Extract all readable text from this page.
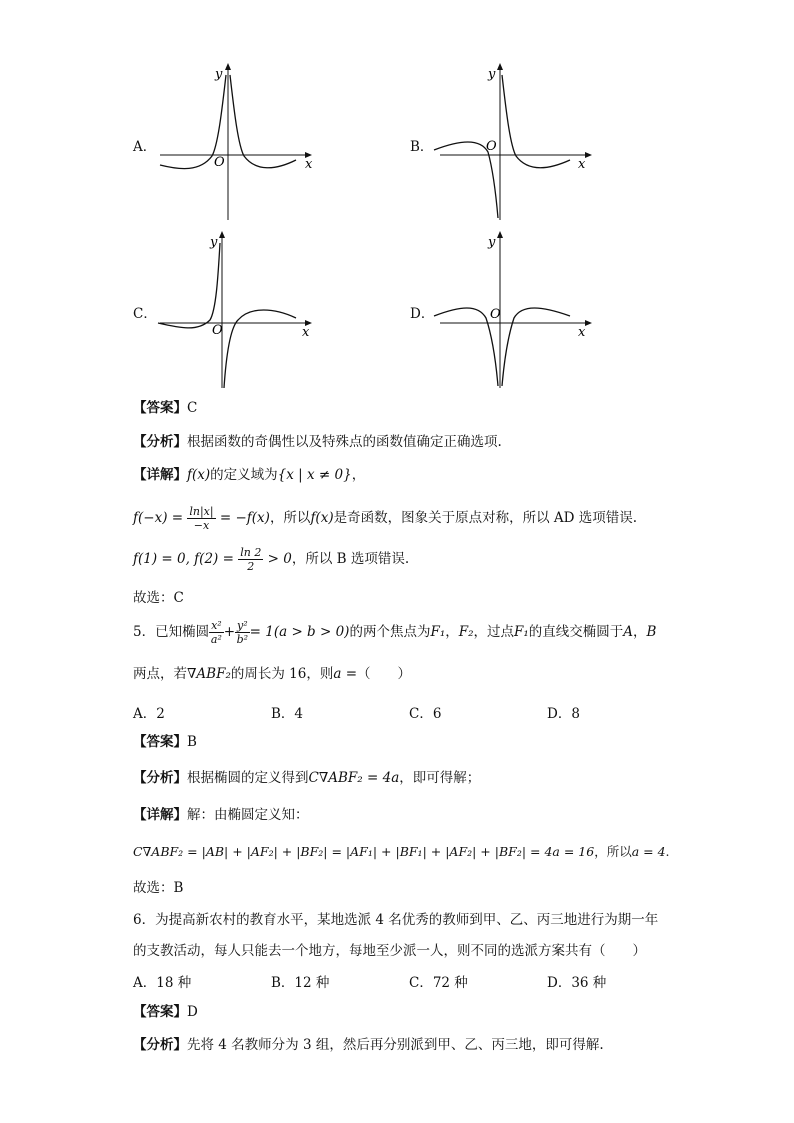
A．
y
x
O
B．
y
x
O
C．
y
x
O
D．
y
x
O
【答案】C
【分析】根据函数的奇偶性以及特殊点的函数值确定正确选项.
【详解】f(x)的定义域为{x | x ≠ 0}，
$f(-x) = \frac{\ln|x|}{-x} = -f(x)$，所以f(x)是奇函数，图象关于原点对称，所以 AD 选项错误.
f(1) = 0, $f(2) = \frac{\ln 2}{2} > 0$，所以 B 选项错误.
故选：C
5．已知椭圆 $\frac{\text{x²}}{\text{a²}} + \frac{\text{y²}}{\text{b²}} = 1(a > b > 0)$的两个焦点为F₁，F₂，过点F₁的直线交椭圆于A，B
两点，若∇ABF₂的周长为 16，则a =（　　）
A．2	B．4	C．6	D．8
【答案】B
【分析】根据椭圆的定义得到C∇ABF₂ = 4a，即可得解；
【详解】解：由椭圆定义知：
C∇ABF₂ = |AB| + |AF₂| + |BF₂| = |AF₁| + |BF₁| + |AF₂| + |BF₂| = 4a = 16，所以a = 4.
故选：B
6．为提高新农村的教育水平，某地选派 4 名优秀的教师到甲、乙、丙三地进行为期一年
的支教活动，每人只能去一个地方，每地至少派一人，则不同的选派方案共有（　　）
A．18 种	B．12 种	C．72 种	D．36 种
【答案】D
【分析】先将 4 名教师分为 3 组，然后再分别派到甲、乙、丙三地，即可得解.
